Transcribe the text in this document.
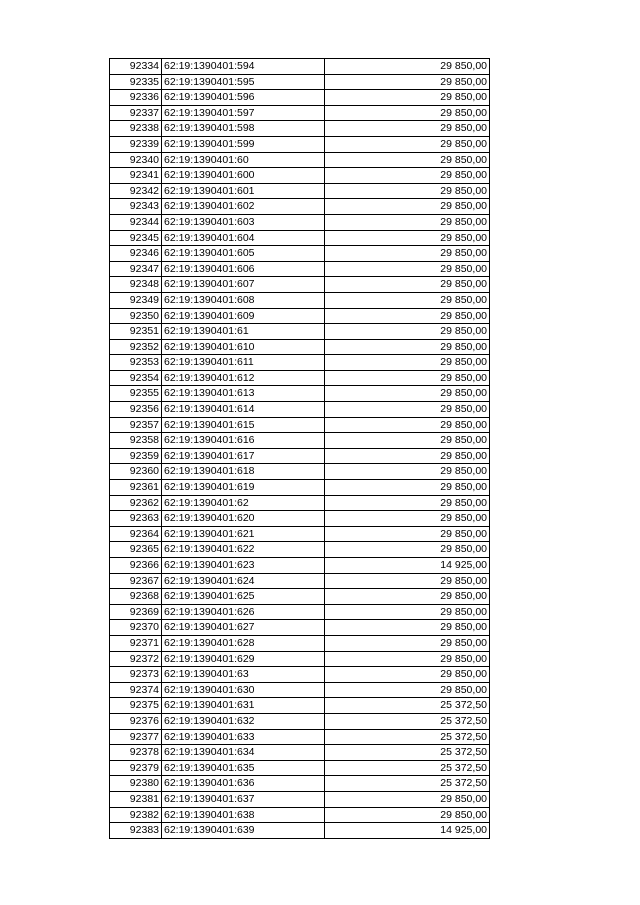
92334	62:19:1390401:594	29 850,00
92335	62:19:1390401:595	29 850,00
92336	62:19:1390401:596	29 850,00
92337	62:19:1390401:597	29 850,00
92338	62:19:1390401:598	29 850,00
92339	62:19:1390401:599	29 850,00
92340	62:19:1390401:60	29 850,00
92341	62:19:1390401:600	29 850,00
92342	62:19:1390401:601	29 850,00
92343	62:19:1390401:602	29 850,00
92344	62:19:1390401:603	29 850,00
92345	62:19:1390401:604	29 850,00
92346	62:19:1390401:605	29 850,00
92347	62:19:1390401:606	29 850,00
92348	62:19:1390401:607	29 850,00
92349	62:19:1390401:608	29 850,00
92350	62:19:1390401:609	29 850,00
92351	62:19:1390401:61	29 850,00
92352	62:19:1390401:610	29 850,00
92353	62:19:1390401:611	29 850,00
92354	62:19:1390401:612	29 850,00
92355	62:19:1390401:613	29 850,00
92356	62:19:1390401:614	29 850,00
92357	62:19:1390401:615	29 850,00
92358	62:19:1390401:616	29 850,00
92359	62:19:1390401:617	29 850,00
92360	62:19:1390401:618	29 850,00
92361	62:19:1390401:619	29 850,00
92362	62:19:1390401:62	29 850,00
92363	62:19:1390401:620	29 850,00
92364	62:19:1390401:621	29 850,00
92365	62:19:1390401:622	29 850,00
92366	62:19:1390401:623	14 925,00
92367	62:19:1390401:624	29 850,00
92368	62:19:1390401:625	29 850,00
92369	62:19:1390401:626	29 850,00
92370	62:19:1390401:627	29 850,00
92371	62:19:1390401:628	29 850,00
92372	62:19:1390401:629	29 850,00
92373	62:19:1390401:63	29 850,00
92374	62:19:1390401:630	29 850,00
92375	62:19:1390401:631	25 372,50
92376	62:19:1390401:632	25 372,50
92377	62:19:1390401:633	25 372,50
92378	62:19:1390401:634	25 372,50
92379	62:19:1390401:635	25 372,50
92380	62:19:1390401:636	25 372,50
92381	62:19:1390401:637	29 850,00
92382	62:19:1390401:638	29 850,00
92383	62:19:1390401:639	14 925,00
